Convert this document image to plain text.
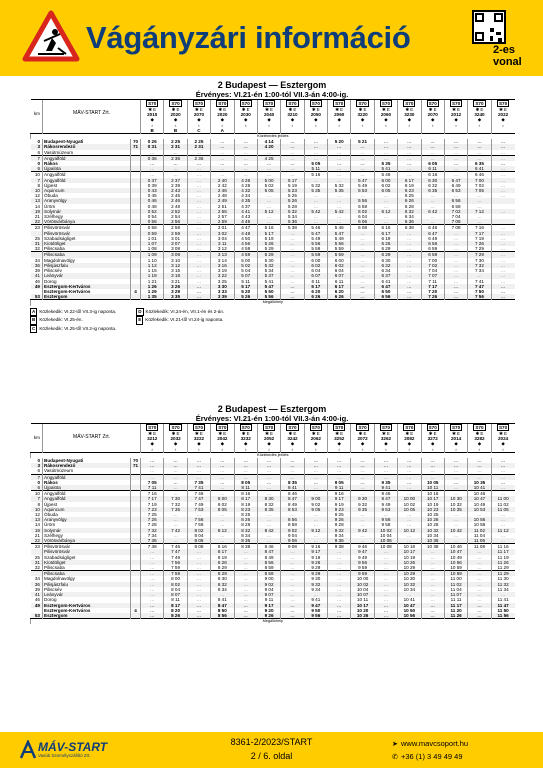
Vágányzári információ	2-es
vonal
2 Budapest — Esztergom
Érvényes: VI.21-én 1:00-tól VII.3-án 4:00-ig.
km	MÁV-START Zrt.		S70	S70	S70	S70	S70	S70	S70	S70	S70	S70	S70	S70	S70	S70	S70	S70
			✱ E	✱ E	✱ E	✱ E	✱ E	✱ E	✱ E	✱ E	✱ E	✱ E	✱ E	✱ E	✱ E	✱ E	✱ E	✱ E
			2010	2020	2070	2020	2030	2040	3210	2050	2060	3220	2060	3230	2070	2012	3240	2022
			◆
♁	◆
♁	◆
♁	◆
♁	◆
♁	◆
♁	◆
♁	◆
♁	◆
♁	◆
♁	◆
♁	◆
♁	◆
♁	◆
♁	◆
♁	◆
♁
			B	B	C	A												
Közlekedés jelölés																		
0	Budapest-Nyugati	70	0 26	2 25	2 25	…	…	4 14	…	…	5 20	5 21	…	…	…	…	…	…
3	Rákosrendező	71	0 31	2 31	2 31	…	…	4 20	…	…	…	…	…	…	…	…	…	…
6	Vasútmúzeum		…	…	…	…	…	…	…	…	…	…	…	…	…	…	…	…
7	Angyalföld		0 36	2 36	2 36	…	…	4 25	…	…	…	…	…	…	…	…	…	…
0	Rákos		…	…	…	…	…	…	…	5 05	…	…	5 35	…	6 05	…	6 35	…
6	Újpalota		…	…	…	…	…	…	…	5 11	…	…	5 41	…	6 11	…	6 41	…
10	Angyalföld		…	…	…	…	…	…	…	5 16	…	…	5 46	…	6 16	…	6 46	…
7	Angyalföld		0 37	2 37	…	2 40	4 26	5 00	5 17	…	…	5 47	6 00	6 17	6 30	6 47	7 00	…
8	Újpest		0 39	2 39	…	2 42	4 28	5 02	5 19	5 32	5 32	5 49	6 02	6 19	6 32	6 49	7 02	…
10	Aquincum		0 43	2 43	…	2 46	4 32	5 05	5 23	5 35	5 35	5 53	6 05	6 23	6 35	6 53	7 05	…
12	Óbuda		0 45	2 45	…	2 48	4 34	…	5 25	…	…	…	…	6 25	…	…	…	…
13	Aranyvölgy		0 46	2 46	…	2 49	4 35	…	5 26	…	…	5 56	…	6 26	…	6 56	…	
14	Üröm		0 48	2 48	…	2 51	4 37	…	5 28	…	…	5 58	…	6 28	…	6 58	…	
19	Solymár		0 52	2 52	…	2 55	4 41	5 12	5 32	5 42	5 42	6 02	6 12	6 32	6 42	7 02	7 12	…
21	Szélhegy		0 54	2 54	…	2 57	4 43	…	5 34	…	…	6 04	…	6 34	…	7 04	…	
22	Vörösvárbánya		0 56	2 56	…	2 59	4 45	…	5 36	…	…	6 06	…	6 36	…	7 06	…	
23	Pilisvörösvár		0 58	2 58	…	3 01	4 47	5 16	5 38	5 46	5 46	6 08	6 16	6 38	6 46	7 08	7 16	…
	Pilisvörösvár		0 59	2 59	…	3 02	4 48	5 17	…	5 47	5 47	…	6 17	…	6 47	…	7 17	…
25	Szabadságliget		1 01	3 01	…	3 04	4 50	5 19	…	5 49	5 49	…	6 19	…	6 49	…	7 19	…
31	Kiotdöliget		1 07	3 07	…	3 11	4 56	5 26	…	5 56	5 56	…	6 26	…	6 56	…	7 26	…
32	Piliscsaba		1 08	3 08	…	3 12	4 58	5 29	…	5 59	5 59	…	6 29	…	6 59	…	7 29	…
	Piliscsaba		1 09	3 09	…	3 13	4 59	5 29	…	5 59	5 59	…	6 29	…	6 59	…	7 29	…
34	Magdolnavölgy		1 10	3 10	…	3 14	5 00	5 30	…	6 00	6 00	…	6 30	…	7 00	…	7 30	…
36	Pilisjászfalu		1 12	3 12	…	3 16	5 02	5 32	…	6 02	6 02	…	6 32	…	7 02	…	7 32	…
39	Piliscsév		1 15	3 15	…	3 19	5 04	5 34	…	6 04	6 04	…	6 34	…	7 04	…	7 34	…
41	Leányvár		1 18	3 18	…	3 22	5 07	5 37	…	6 07	6 07	…	6 37	…	7 07	…	…	…
46	Dorog		1 21	3 21	…	3 25	5 11	5 41	…	6 11	6 11	…	6 41	…	7 11	…	7 41	…
49	Esztergom-Kertváros		1 26	3 26	…	3 30	5 17	5 47	…	6 17	6 17	…	6 47	…	7 17	…	7 47	…
	Esztergom-Kertváros	4	1 29	3 29	…	3 33	5 20	5 50	…	6 20	6 20	…	6 50	…	7 20	…	7 50	…
53	Esztergom		1 35	3 35	…	3 39	5 26	5 56	…	6 26	6 26	…	6 56	…	7 26	…	7 56	…
Megállóhely																		
A Közlekedik: VI.22-től VII.3-ig naponta.
B Közlekedik: VI.25-én.
C Közlekedik: VI.25-től VII.2-ig naponta.
D Közlekedik: VI.24-én, VII.1-én és 2-án.
E Közlekedik: VI.21-től VI.24-ig naponta.
2 Budapest — Esztergom
Érvényes: VI.21-én 1:00-tól VII.3-án 4:00-ig.
km	MÁV-START Zrt.		S70	S70	S70	S70	S70	S70	S70	S70	S70	S70	S70	S70	S70	S70	S70	S70
			✱ E	✱ E	✱ E	✱ E	✱ E	✱ E	✱ E	✱ E	✱ E	✱ E	✱ E	✱ E	✱ E	✱ E	✱ E	✱ E
			3212	2032	3222	2042	3232	2052	3242	2062	3252	2072	3262	2082	3272	2014	3282	2024
			◆
♁	◆
♁	◆
♁	◆
♁	◆
♁	◆
♁	◆
♁	◆
♁	◆
♁	◆
♁	◆
♁	◆
♁	◆
♁	◆
♁	◆
♁	◆
♁

Közlekedés jelölés																		
0	Budapest-Nyugati	70	…	…	…	…	…	…	…	…	…	…	…	…	…	…	…	…
3	Rákosrendező	71	…	…	…	…	…	…	…	…	…	…	…	…	…	…	…	…
6	Vasútmúzeum		…	…	…	…	…	…	…	…	…	…	…	…	…	…	…	…
7	Angyalföld		…	…	…	…	…	…	…	…	…	…	…	…	…	…	…	…
0	Rákos		7 05	…	7 35	…	8 05	…	8 35	…	9 05	…	9 35	…	10 05	…	10 35	…
6	Újpalota		7 11	…	7 41	…	8 11	…	8 41	…	9 11	…	9 41	…	10 11	…	10 41	…
10	Angyalföld		7 16	…	7 46	…	8 16	…	8 46	…	9 16	…	9 46	…	10 16	…	10 46	…
7	Angyalföld		7 17	7 30	7 47	8 00	8 17	8 30	8 47	9 00	9 17	9 30	9 47	10 00	10 17	10 30	10 47	11 00
8	Újpest		7 19	7 32	7 49	8 02	8 19	8 32	8 49	9 02	9 19	9 32	9 49	10 02	10 19	10 32	10 49	11 02
10	Aquincum		7 23	7 35	7 53	8 05	8 23	8 35	8 53	9 05	9 23	9 35	9 53	10 05	10 23	10 35	10 53	11 05
12	Óbuda		7 25	…	…	…	8 25	…	…	…	9 25	…	…	…	10 25	…	…	…
13	Aranyvölgy		7 26	…	7 56	…	8 26	…	8 56	…	9 26	…	9 56	…	10 26	…	10 56	…
14	Üröm		7 28	…	7 58	…	8 28	…	8 58	…	9 28	…	9 58	…	10 28	…	10 58	…
19	Solymár		7 32	7 42	8 02	8 12	8 32	8 42	9 02	9 12	9 32	9 42	10 02	10 12	10 32	10 42	11 02	11 12
21	Szélhegy		7 34	…	8 04	…	8 34	…	9 04	…	9 34	…	10 04	…	10 34	…	11 04	…
22	Vörösvárbánya		7 36	…	8 06	…	8 36	…	9 06	…	9 36	…	10 06	…	10 36	…	11 06	…
23	Pilisvörösvár		7 38	7 46	8 08	8 16	8 38	8 46	9 08	9 16	9 38	9 46	10 08	10 16	10 38	10 46	11 08	11 16
	Pilisvörösvár		…	7 47	…	8 17	…	8 47	…	9 17	…	9 47	…	10 17	…	10 47	…	11 17
25	Szabadságliget		…	7 49	…	8 19	…	8 49	…	9 19	…	9 49	…	10 19	…	10 49	…	11 19
31	Kiotdöliget		…	7 56	…	8 26	…	8 56	…	9 26	…	9 56	…	10 26	…	10 56	…	11 26
32	Piliscsaba		…	7 59	…	8 29	…	8 59	…	9 29	…	9 59	…	10 29	…	10 59	…	11 29
	Piliscsaba		…	7 59	…	8 29	…	8 59	…	9 29	…	9 59	…	10 29	…	10 59	…	11 29
34	Magdolnavölgy		…	8 00	…	8 30	…	9 00	…	9 30	…	10 00	…	10 30	…	11 00	…	11 30
36	Pilisjászfalu		…	8 02	…	8 32	…	9 02	…	9 32	…	10 02	…	10 32	…	11 02	…	11 32
39	Piliscsév		…	8 04	…	8 34	…	9 04	…	9 34	…	10 04	…	10 34	…	11 04	…	11 34
41	Leányvár		…	8 07	…	…	…	9 07	…	…	…	10 07	…	…	…	11 07	…	…
46	Dorog		…	8 11	…	8 41	…	9 11	…	9 41	…	10 11	…	10 41	…	11 11	…	11 41
49	Esztergom-Kertváros		…	8 17	…	8 47	…	9 17	…	9 47	…	10 17	…	10 47	…	11 17	…	11 47
	Esztergom-Kertváros	4	…	8 20	…	8 50	…	9 20	…	9 50	…	10 20	…	10 50	…	11 20	…	11 50
53	Esztergom		…	8 26	…	8 56	…	9 26	…	9 56	…	10 26	…	10 56	…	11 26	…	11 56
Megállóhely																		
MÁV-START
Vasúti Személyszállító Zrt.
8361-2/2023/START
2 / 6. oldal
➤ www.mavcsoport.hu
✆ +36 (1) 3 49 49 49
